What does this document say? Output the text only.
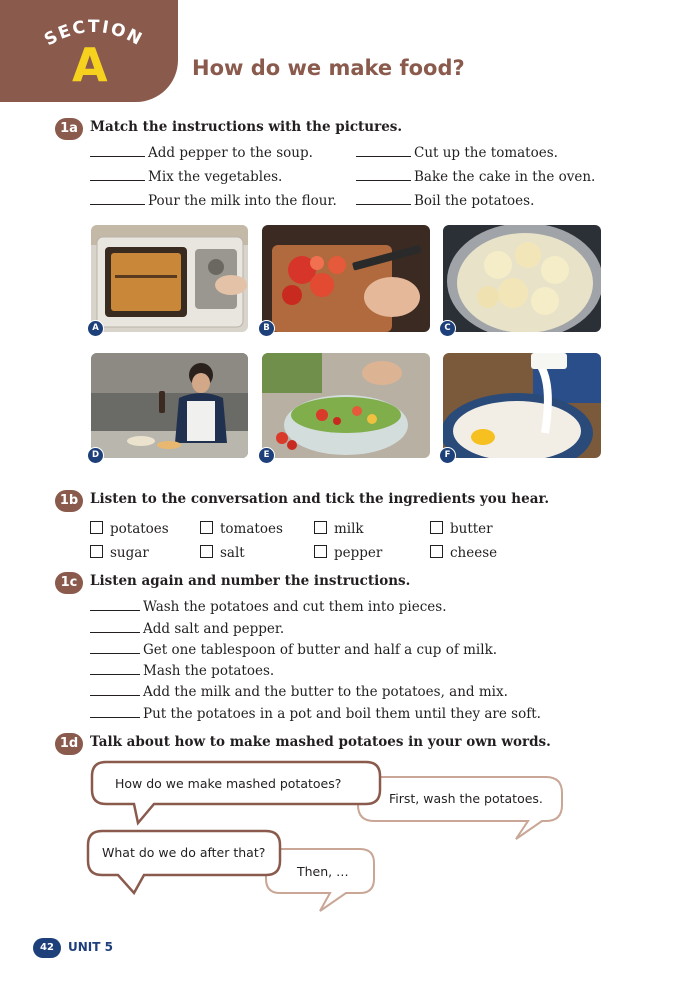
SECTION
A	How do we make food?
1a Match the instructions with the pictures.
Add pepper to the soup.
Mix the vegetables.
Pour the milk into the flour.
Cut up the tomatoes.
Bake the cake in the oven.
Boil the potatoes.
A	B	C
D	E	F
1b Listen to the conversation and tick the ingredients you hear.
potatoes	tomatoes	milk	butter
sugar	salt	pepper	cheese
1c Listen again and number the instructions.
Wash the potatoes and cut them into pieces.
Add salt and pepper.
Get one tablespoon of butter and half a cup of milk.
Mash the potatoes.
Add the milk and the butter to the potatoes, and mix.
Put the potatoes in a pot and boil them until they are soft.
1d Talk about how to make mashed potatoes in your own words.
How do we make mashed potatoes?
First, wash the potatoes.
What do we do after that?
Then, …
42	UNIT 5
